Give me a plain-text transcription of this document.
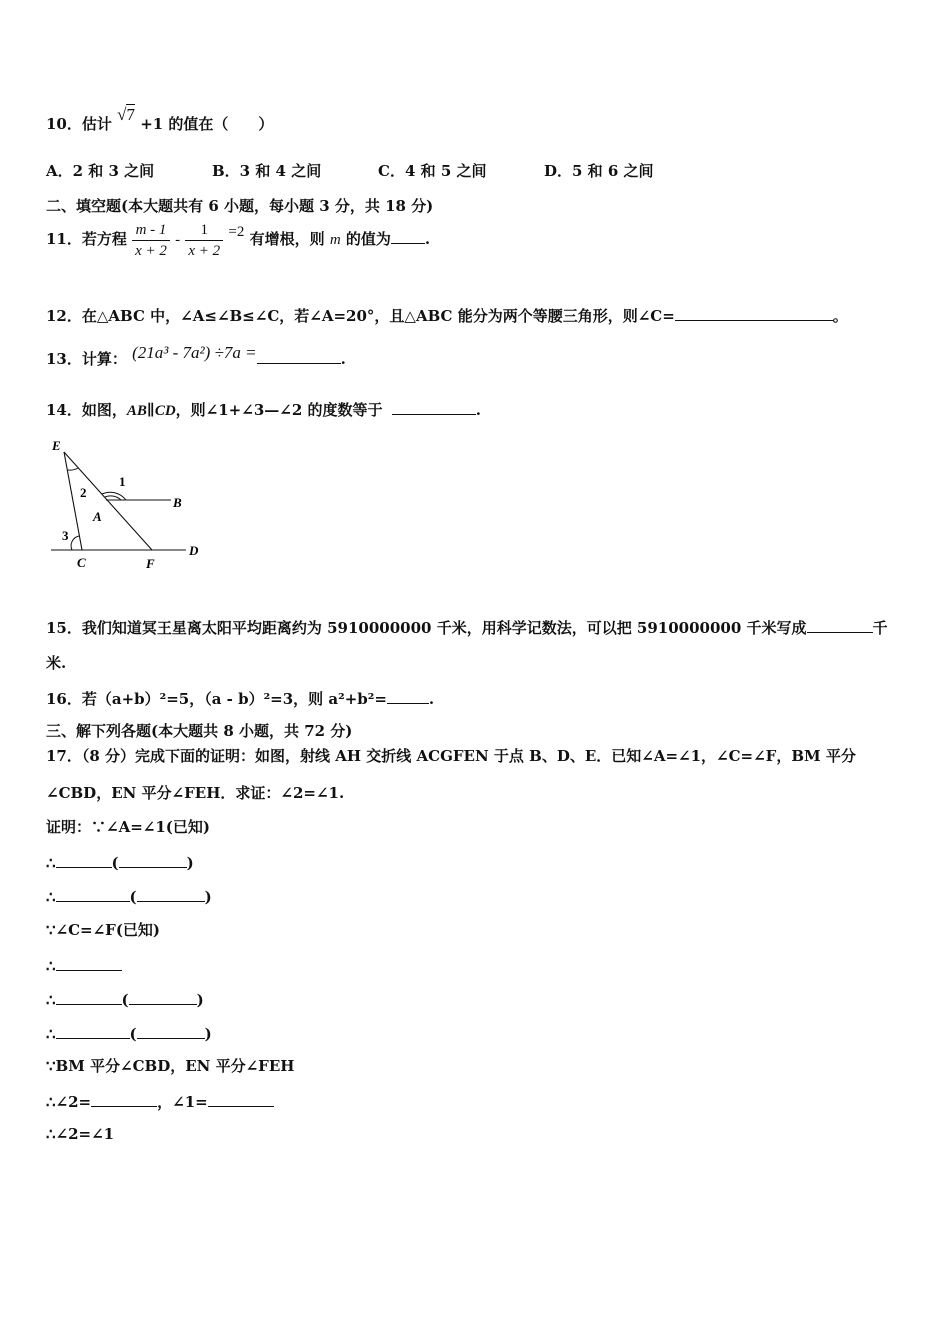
10．估计 √7 +1 的值在（　　）
A．2 和 3 之间	B．3 和 4 之间	C．4 和 5 之间	D．5 和 6 之间
二、填空题(本大题共有 6 小题，每小题 3 分，共 18 分)
11．若方程 $\frac{m - 1}{x + 2} - \frac{1}{x + 2} =2$ 有增根，则 m 的值为 .
12．在△ABC 中，∠A≤∠B≤∠C，若∠A=20°，且△ABC 能分为两个等腰三角形，则∠C=	。
13．计算： (21a³ - 7a²) ÷7a =	.
14．如图，AB∥CD，则∠1+∠3—∠2 的度数等于	.
E
1
2
B
A
3
C	F
D
15．我们知道冥王星离太阳平均距离约为 5910000000 千米，用科学记数法，可以把 5910000000 千米写成	千
米.
16．若（a+b）²=5，（a - b）²=3，则 a²+b²=	.
三、解下列各题(本大题共 8 小题，共 72 分)
17．（8 分）完成下面的证明：如图，射线 AH 交折线 ACGFEN 于点 B、D、E．已知∠A=∠1，∠C=∠F，BM 平分
∠CBD，EN 平分∠FEH．求证：∠2=∠1.
证明：∵∠A=∠1(已知)
∴	(	)
∴	(	)
∵∠C=∠F(已知)
∴
∴	(	)
∴	(	)
∵BM 平分∠CBD，EN 平分∠FEH
∴∠2=	，∠1=
∴∠2=∠1
